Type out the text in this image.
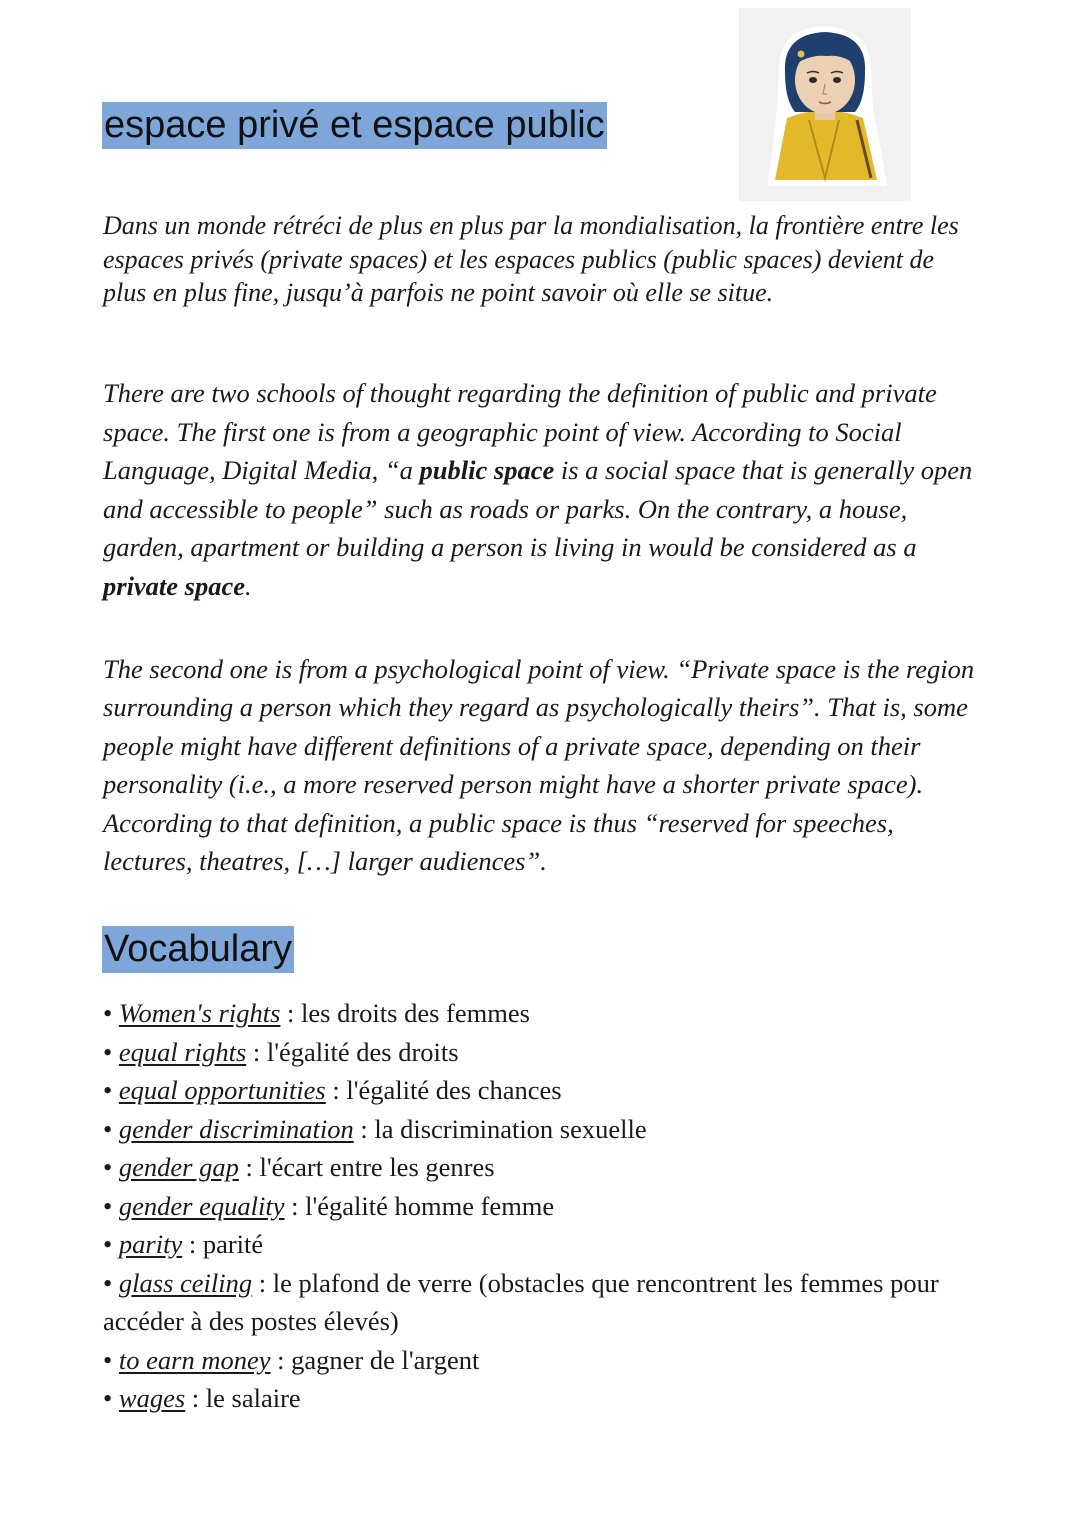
espace privé et espace public

Dans un monde rétréci de plus en plus par la mondialisation, la frontière entre les espaces privés (private spaces) et les espaces publics (public spaces) devient de plus en plus fine, jusqu’à parfois ne point savoir où elle se situe.

There are two schools of thought regarding the definition of public and private space. The first one is from a geographic point of view. According to Social Language, Digital Media, “a public space is a social space that is generally open and accessible to people” such as roads or parks. On the contrary, a house, garden, apartment or building a person is living in would be considered as a private space.

The second one is from a psychological point of view. “Private space is the region surrounding a person which they regard as psychologically theirs”. That is, some people might have different definitions of a private space, depending on their personality (i.e., a more reserved person might have a shorter private space). According to that definition, a public space is thus “reserved for speeches, lectures, theatres, […] larger audiences”.

Vocabulary
• Women's rights : les droits des femmes
• equal rights : l'égalité des droits
• equal opportunities : l'égalité des chances
• gender discrimination : la discrimination sexuelle
• gender gap : l'écart entre les genres
• gender equality : l'égalité homme femme
• parity : parité
• glass ceiling : le plafond de verre (obstacles que rencontrent les femmes pour accéder à des postes élevés)
• to earn money : gagner de l'argent
• wages : le salaire
